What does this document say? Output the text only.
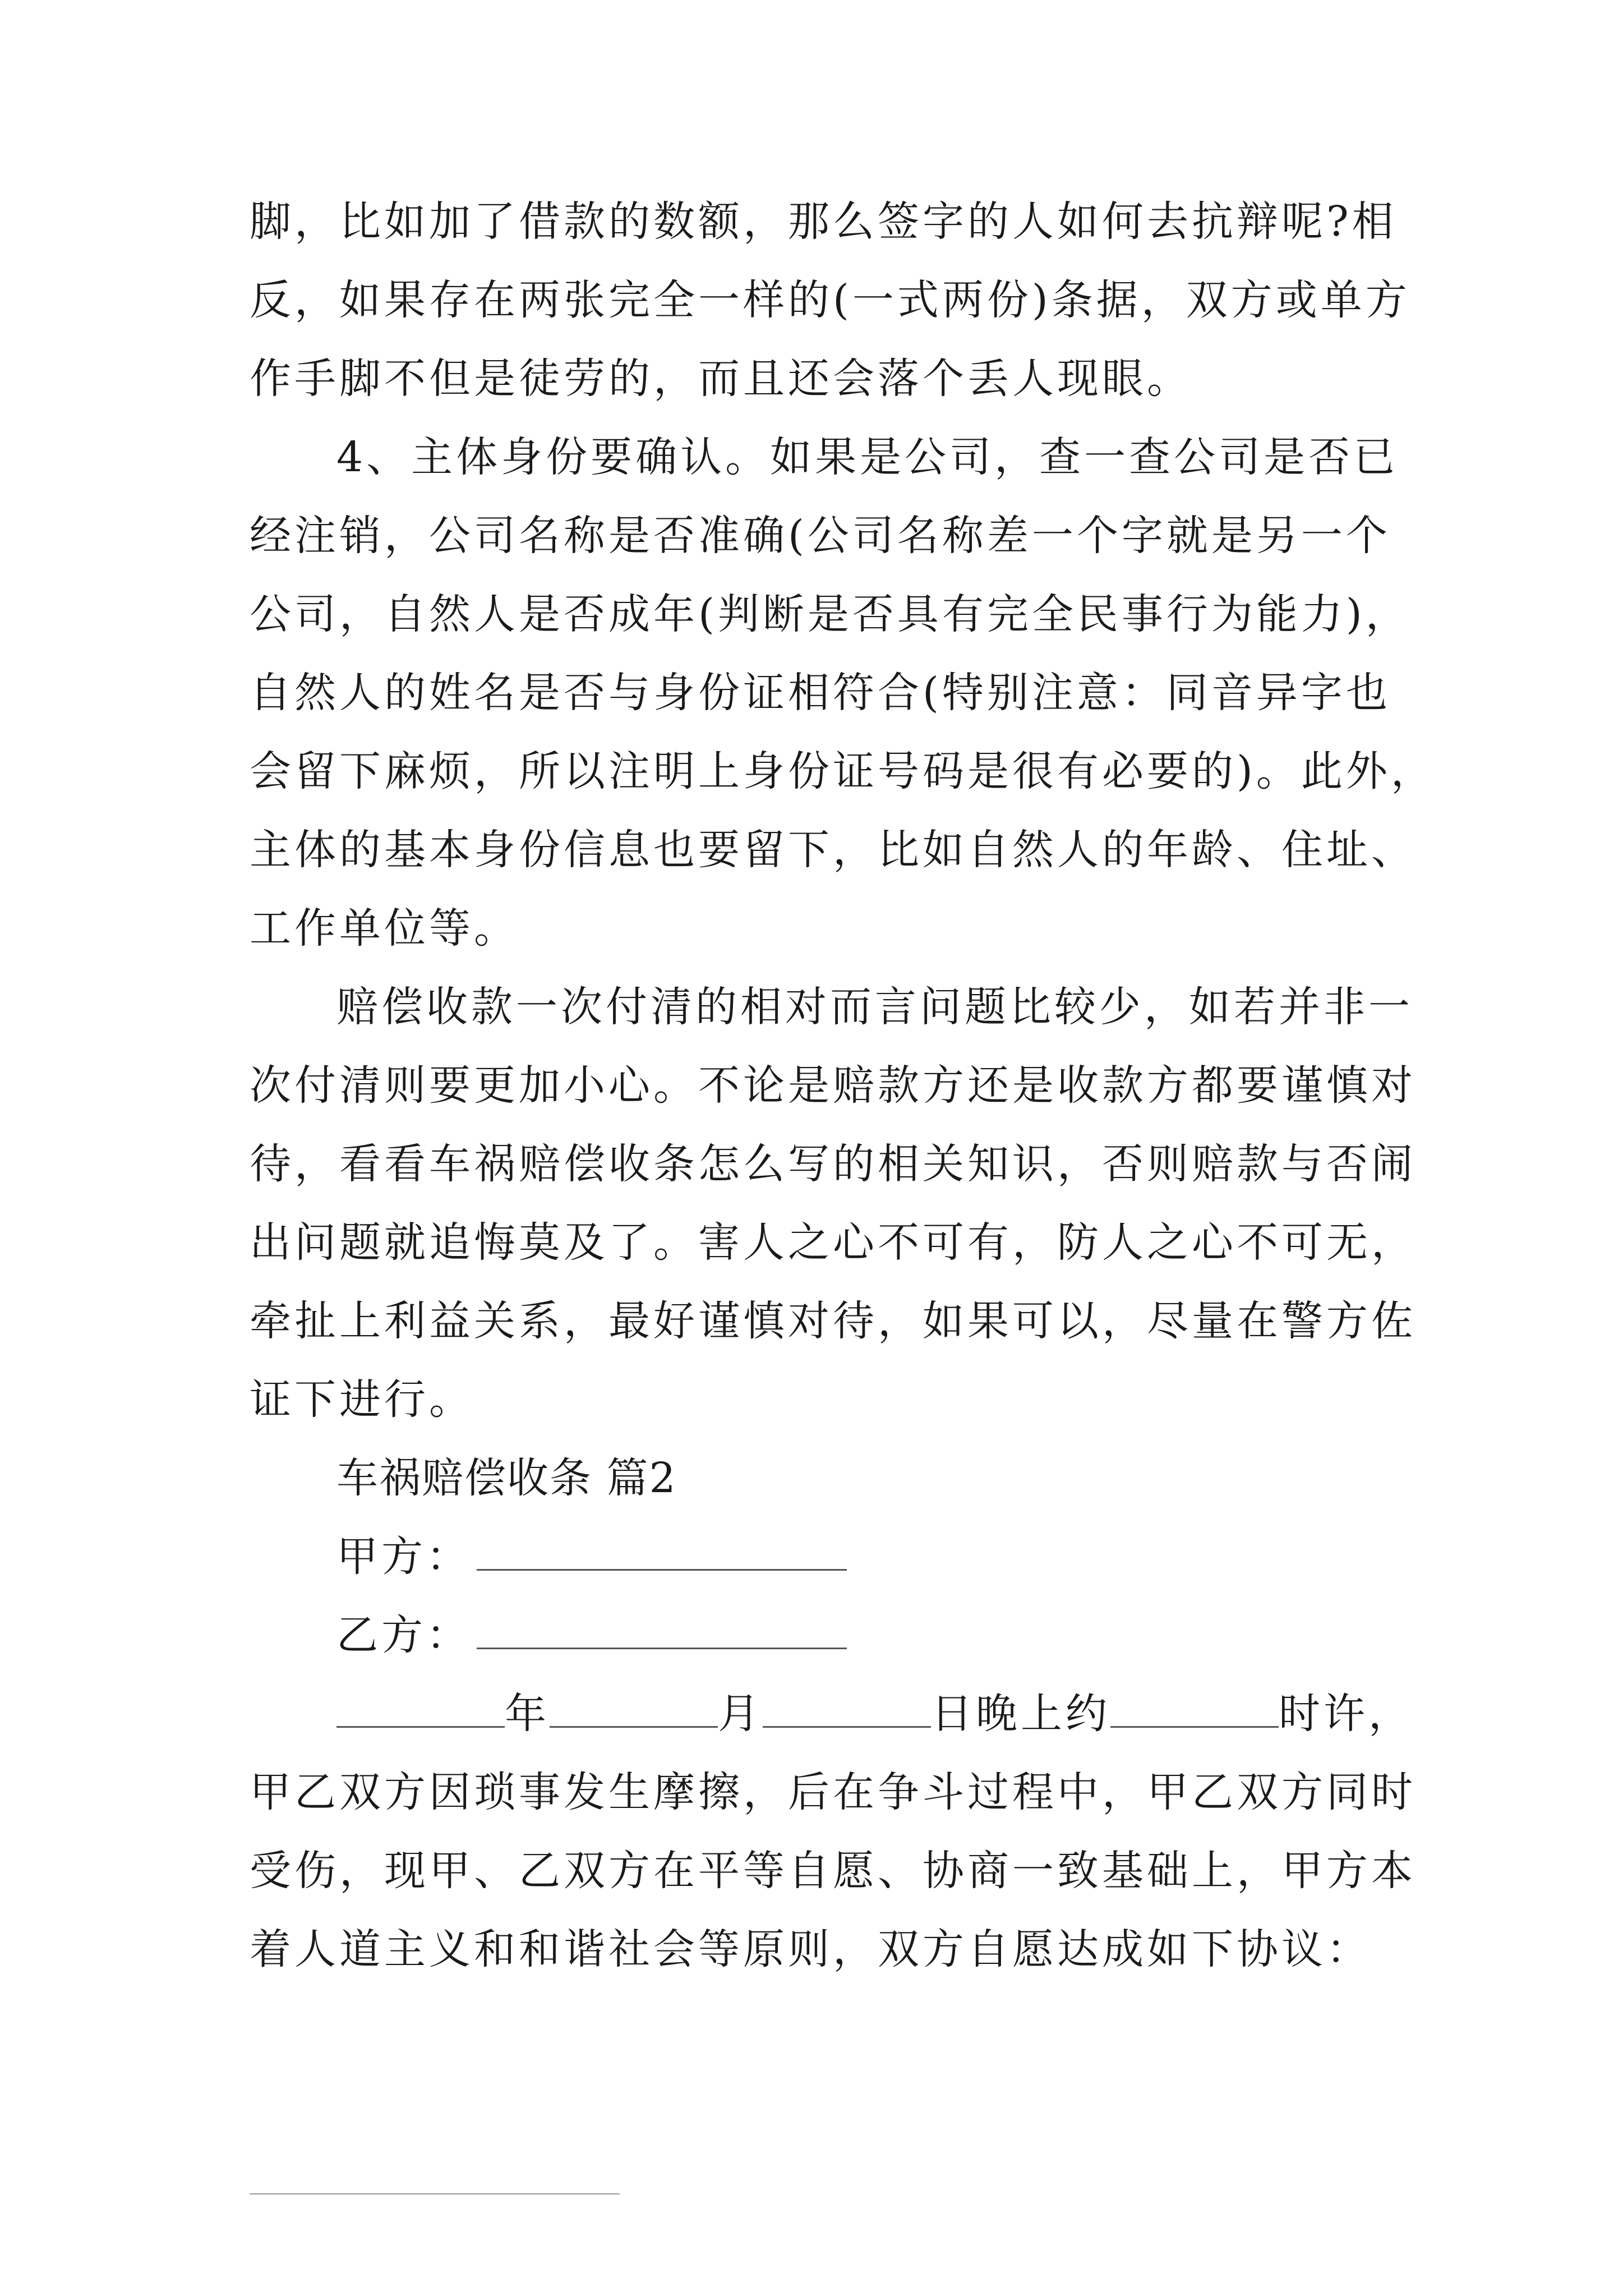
脚，比如加了借款的数额，那么签字的人如何去抗辩呢?相
反，如果存在两张完全一样的(一式两份)条据，双方或单方
作手脚不但是徒劳的，而且还会落个丢人现眼。
4、主体身份要确认。如果是公司，查一查公司是否已
经注销，公司名称是否准确(公司名称差一个字就是另一个
公司，自然人是否成年(判断是否具有完全民事行为能力)，
自然人的姓名是否与身份证相符合(特别注意：同音异字也
会留下麻烦，所以注明上身份证号码是很有必要的)。此外，
主体的基本身份信息也要留下，比如自然人的年龄、住址、
工作单位等。
赔偿收款一次付清的相对而言问题比较少，如若并非一
次付清则要更加小心。不论是赔款方还是收款方都要谨慎对
待，看看车祸赔偿收条怎么写的相关知识，否则赔款与否闹
出问题就追悔莫及了。害人之心不可有，防人之心不可无，
牵扯上利益关系，最好谨慎对待，如果可以，尽量在警方佐
证下进行。
车祸赔偿收条 篇2
甲方：
乙方：
年	月	日晚上约	时许，
甲乙双方因琐事发生摩擦，后在争斗过程中，甲乙双方同时
受伤，现甲、乙双方在平等自愿、协商一致基础上，甲方本
着人道主义和和谐社会等原则，双方自愿达成如下协议：
